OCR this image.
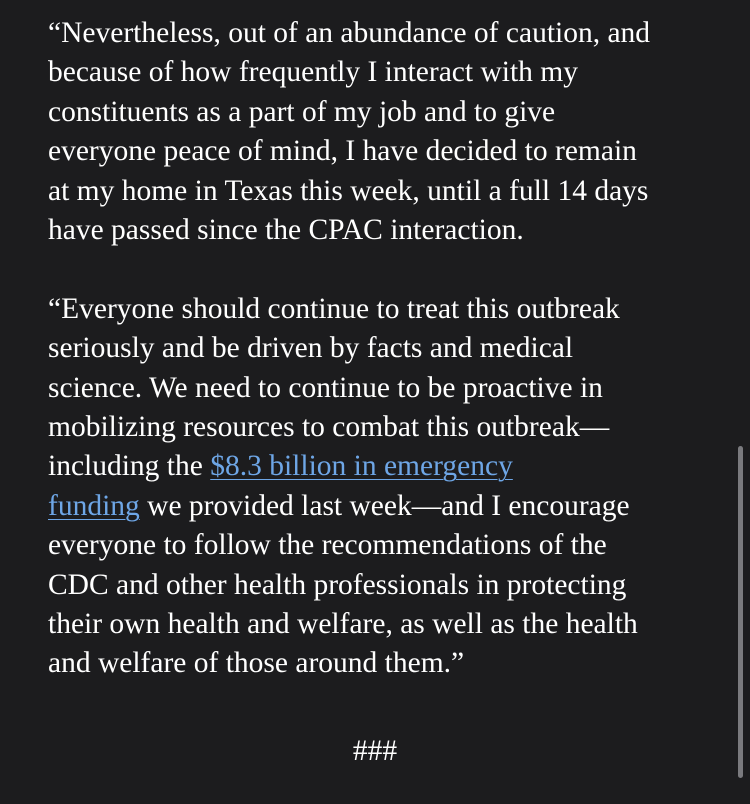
“Nevertheless, out of an abundance of caution, and
because of how frequently I interact with my
constituents as a part of my job and to give
everyone peace of mind, I have decided to remain
at my home in Texas this week, until a full 14 days
have passed since the CPAC interaction.

“Everyone should continue to treat this outbreak
seriously and be driven by facts and medical
science. We need to continue to be proactive in
mobilizing resources to combat this outbreak—
including the $8.3 billion in emergency
funding we provided last week—and I encourage
everyone to follow the recommendations of the
CDC and other health professionals in protecting
their own health and welfare, as well as the health
and welfare of those around them.”

###
